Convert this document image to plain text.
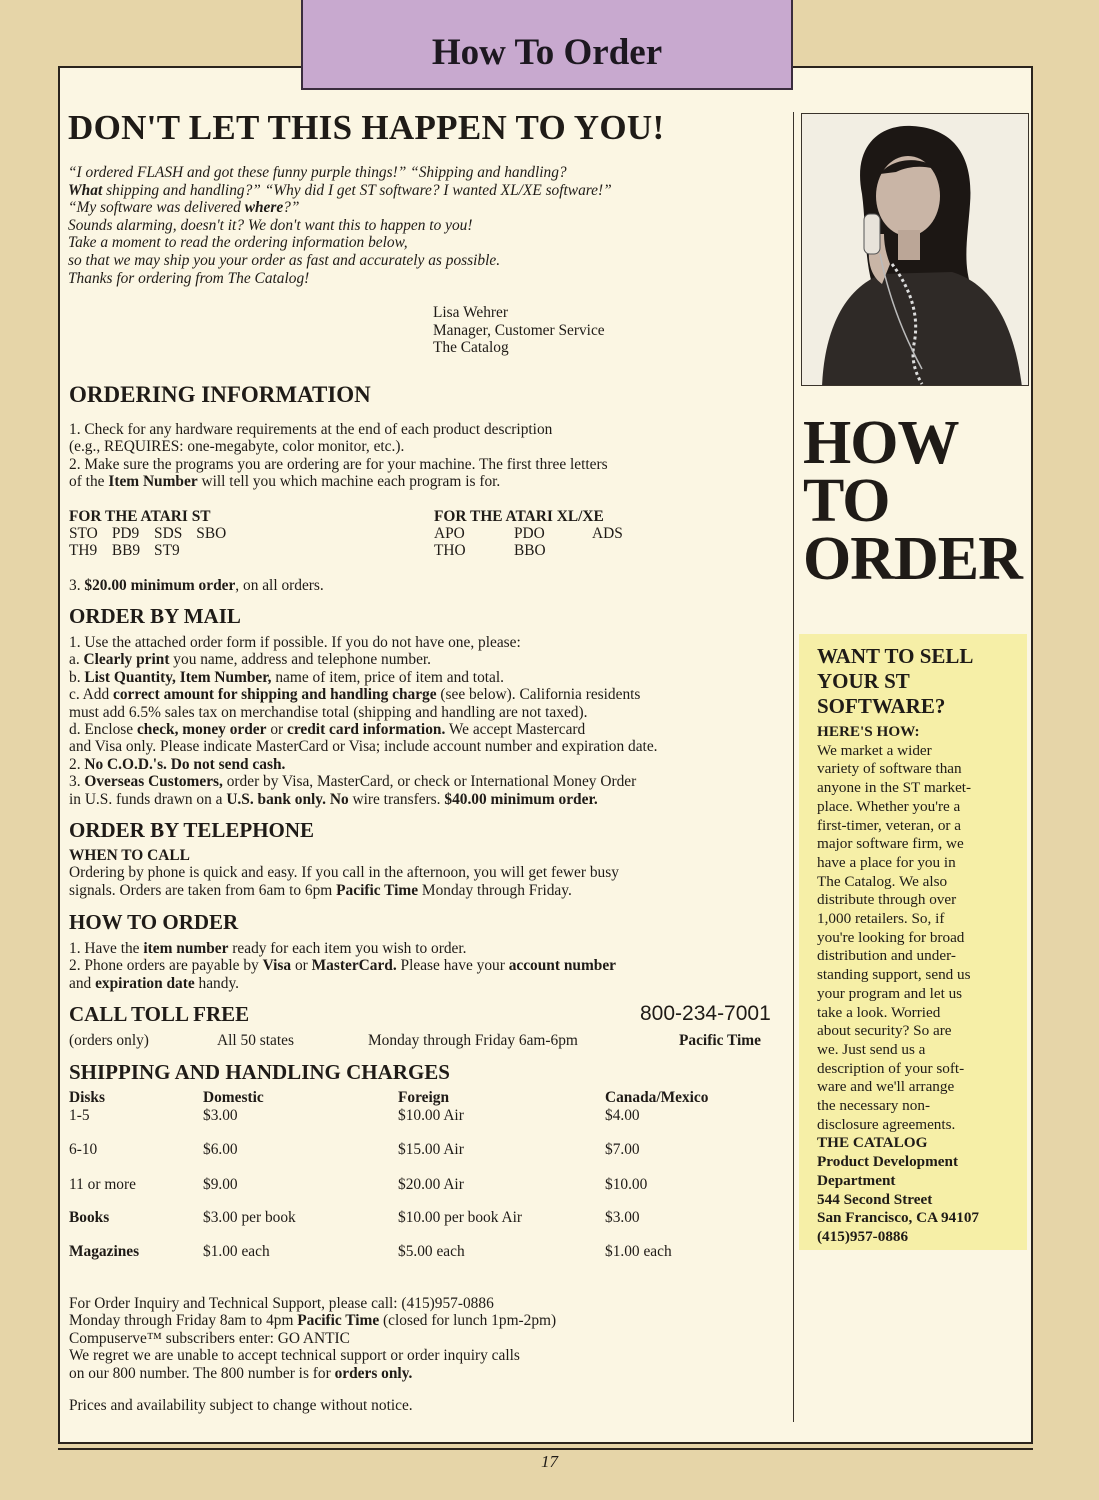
How To Order
DON'T LET THIS HAPPEN TO YOU!
“I ordered FLASH and got these funny purple things!” “Shipping and handling?
What shipping and handling?” “Why did I get ST software? I wanted XL/XE software!”
“My software was delivered where?”
Sounds alarming, doesn't it? We don't want this to happen to you!
Take a moment to read the ordering information below,
so that we may ship you your order as fast and accurately as possible.
Thanks for ordering from The Catalog!
Lisa Wehrer
Manager, Customer Service
The Catalog
ORDERING INFORMATION
1. Check for any hardware requirements at the end of each product description
(e.g., REQUIRES: one-megabyte, color monitor, etc.).
2. Make sure the programs you are ordering are for your machine. The first three letters
of the Item Number will tell you which machine each program is for.
FOR THE ATARI ST
STO	PD9	SDS	SBO
TH9	BB9	ST9	
FOR THE ATARI XL/XE
APO	PDO	ADS
THO	BBO	
3. $20.00 minimum order, on all orders.
ORDER BY MAIL
1. Use the attached order form if possible. If you do not have one, please:
a. Clearly print you name, address and telephone number.
b. List Quantity, Item Number, name of item, price of item and total.
c. Add correct amount for shipping and handling charge (see below). California residents
must add 6.5% sales tax on merchandise total (shipping and handling are not taxed).
d. Enclose check, money order or credit card information. We accept Mastercard
and Visa only. Please indicate MasterCard or Visa; include account number and expiration date.
2. No C.O.D.'s. Do not send cash.
3. Overseas Customers, order by Visa, MasterCard, or check or International Money Order
in U.S. funds drawn on a U.S. bank only. No wire transfers. $40.00 minimum order.
ORDER BY TELEPHONE
WHEN TO CALL
Ordering by phone is quick and easy. If you call in the afternoon, you will get fewer busy
signals. Orders are taken from 6am to 6pm Pacific Time Monday through Friday.
HOW TO ORDER
1. Have the item number ready for each item you wish to order.
2. Phone orders are payable by Visa or MasterCard. Please have your account number
and expiration date handy.
CALL TOLL FREE	800-234-7001
(orders only)	All 50 states	Monday through Friday 6am-6pm	Pacific Time
SHIPPING AND HANDLING CHARGES
Disks	Domestic	Foreign	Canada/Mexico
1-5	$3.00	$10.00 Air	$4.00
6-10	$6.00	$15.00 Air	$7.00
11 or more	$9.00	$20.00 Air	$10.00
Books	$3.00 per book	$10.00 per book Air	$3.00
Magazines	$1.00 each	$5.00 each	$1.00 each
For Order Inquiry and Technical Support, please call: (415)957-0886
Monday through Friday 8am to 4pm Pacific Time (closed for lunch 1pm-2pm)
Compuserve™ subscribers enter: GO ANTIC
We regret we are unable to accept technical support or order inquiry calls
on our 800 number. The 800 number is for orders only.
Prices and availability subject to change without notice.
HOW
TO
ORDER
WANT TO SELL
YOUR ST
SOFTWARE?
HERE'S HOW:
We market a wider
variety of software than
anyone in the ST market-
place. Whether you're a
first-timer, veteran, or a
major software firm, we
have a place for you in
The Catalog. We also
distribute through over
1,000 retailers. So, if
you're looking for broad
distribution and under-
standing support, send us
your program and let us
take a look. Worried
about security? So are
we. Just send us a
description of your soft-
ware and we'll arrange
the necessary non-
disclosure agreements.
THE CATALOG
Product Development
Department
544 Second Street
San Francisco, CA 94107
(415)957-0886
17
